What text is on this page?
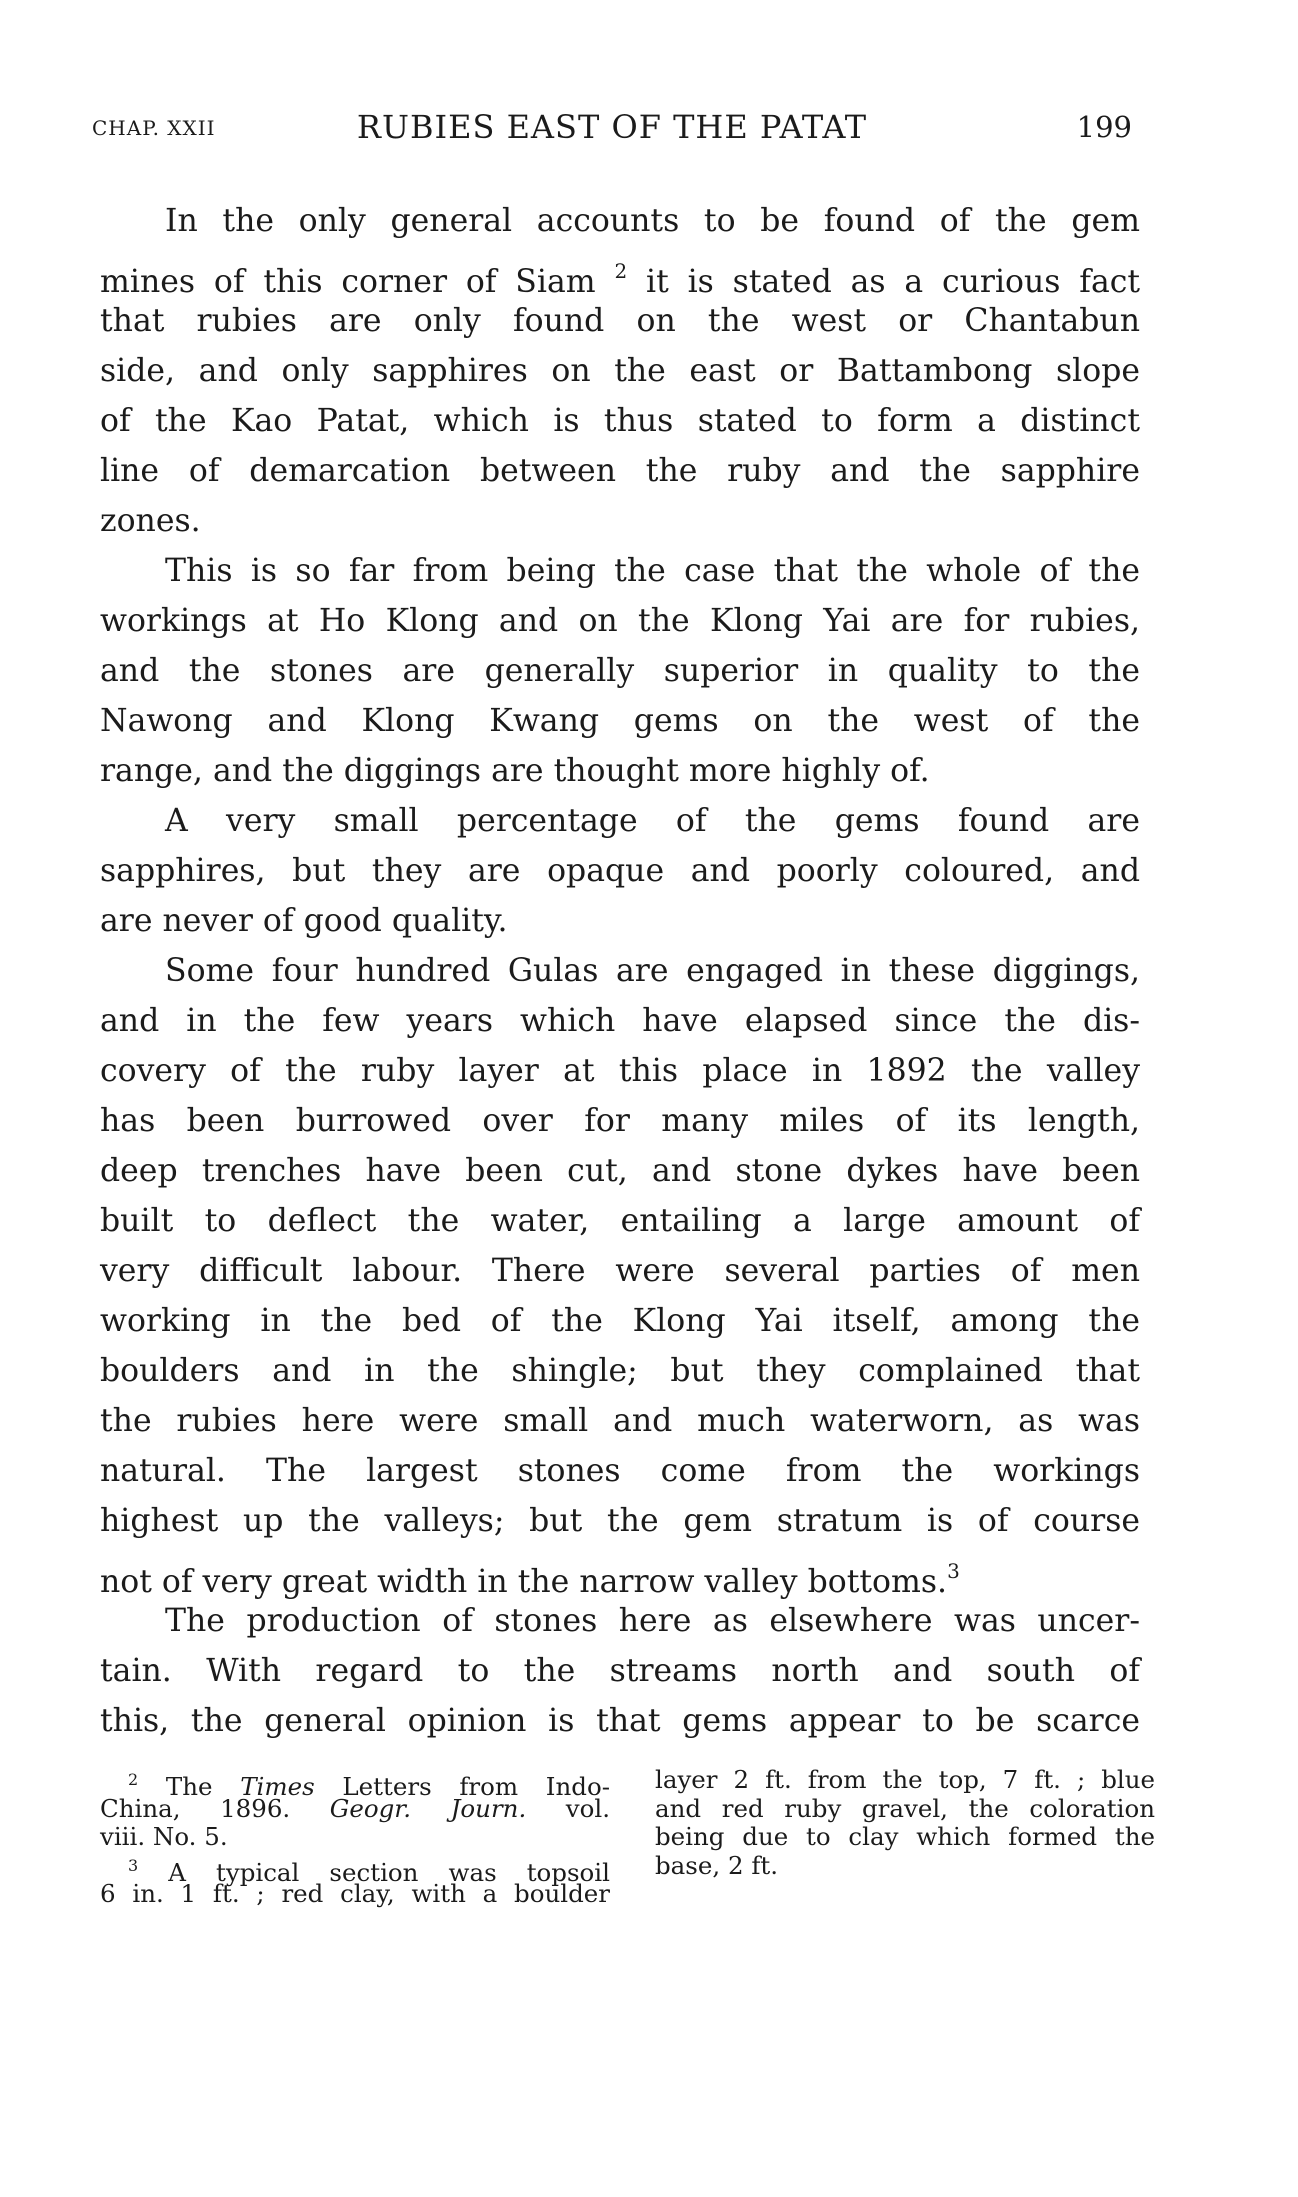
CHAP. XXII	RUBIES EAST OF THE PATAT	199

In the only general accounts to be found of the gem
mines of this corner of Siam $^2$ it is stated as a curious fact
that rubies are only found on the west or Chantabun
side, and only sapphires on the east or Battambong slope
of the Kao Patat, which is thus stated to form a distinct
line of demarcation between the ruby and the sapphire
zones.

This is so far from being the case that the whole of the
workings at Ho Klong and on the Klong Yai are for rubies,
and the stones are generally superior in quality to the
Nawong and Klong Kwang gems on the west of the
range, and the diggings are thought more highly of.

A very small percentage of the gems found are
sapphires, but they are opaque and poorly coloured, and
are never of good quality.

Some four hundred Gulas are engaged in these diggings,
and in the few years which have elapsed since the dis-
covery of the ruby layer at this place in 1892 the valley
has been burrowed over for many miles of its length,
deep trenches have been cut, and stone dykes have been
built to deflect the water, entailing a large amount of
very difficult labour. There were several parties of men
working in the bed of the Klong Yai itself, among the
boulders and in the shingle; but they complained that
the rubies here were small and much waterworn, as was
natural. The largest stones come from the workings
highest up the valleys; but the gem stratum is of course
not of very great width in the narrow valley bottoms.$^3$

The production of stones here as elsewhere was uncer-
tain. With regard to the streams north and south of
this, the general opinion is that gems appear to be scarce

$^2$ The Times Letters from Indo-
China, 1896. Geogr. Journ. vol.
viii. No. 5.
$^3$ A typical section was topsoil
6 in. 1 ft. ; red clay, with a boulder
layer 2 ft. from the top, 7 ft. ; blue
and red ruby gravel, the coloration
being due to clay which formed the
base, 2 ft.
